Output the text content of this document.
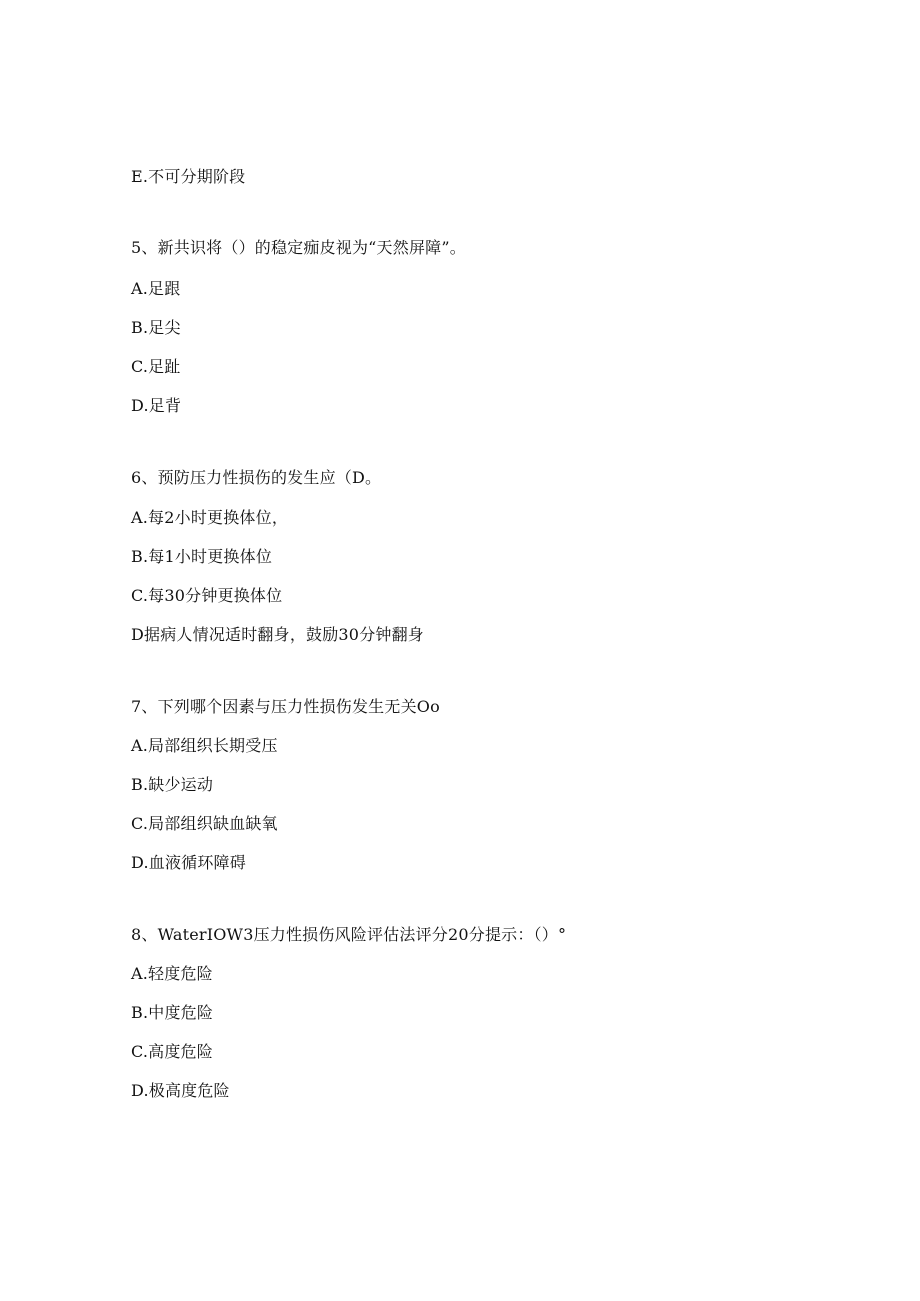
E.不可分期阶段
5、新共识将（）的稳定痂皮视为“天然屏障”。
A.足跟
B.足尖
C.足趾
D.足背
6、预防压力性损伤的发生应（D。
A.每2小时更换体位，
B.每1小时更换体位
C.每30分钟更换体位
D据病人情况适时翻身，鼓励30分钟翻身
7、下列哪个因素与压力性损伤发生无关Oo
A.局部组织长期受压
B.缺少运动
C.局部组织缺血缺氧
D.血液循环障碍
8、WaterIOW3压力性损伤风险评估法评分20分提示：（）°
A.轻度危险
B.中度危险
C.高度危险
D.极高度危险
